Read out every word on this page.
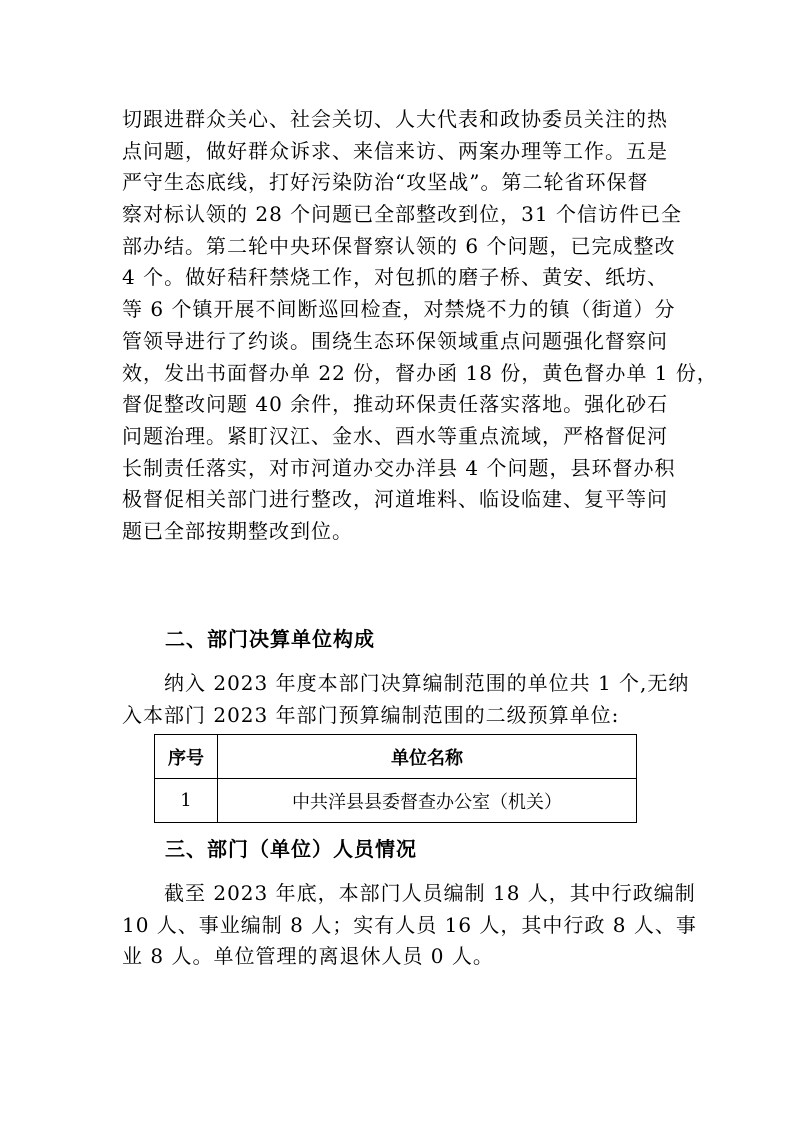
切跟进群众关心、社会关切、人大代表和政协委员关注的热
点问题，做好群众诉求、来信来访、两案办理等工作。五是
严守生态底线，打好污染防治“攻坚战”。第二轮省环保督
察对标认领的 28 个问题已全部整改到位，31 个信访件已全
部办结。第二轮中央环保督察认领的 6 个问题，已完成整改
4 个。做好秸秆禁烧工作，对包抓的磨子桥、黄安、纸坊、
等 6 个镇开展不间断巡回检查，对禁烧不力的镇（街道）分
管领导进行了约谈。围绕生态环保领域重点问题强化督察问
效，发出书面督办单 22 份，督办函 18 份，黄色督办单 1 份，
督促整改问题 40 余件，推动环保责任落实落地。强化砂石
问题治理。紧盯汉江、金水、酉水等重点流域，严格督促河
长制责任落实，对市河道办交办洋县 4 个问题，县环督办积
极督促相关部门进行整改，河道堆料、临设临建、复平等问
题已全部按期整改到位。
二、部门决算单位构成
纳入 2023 年度本部门决算编制范围的单位共 1 个,无纳
入本部门 2023 年部门预算编制范围的二级预算单位:
序号	单位名称
1	中共洋县县委督查办公室（机关）
三、部门（单位）人员情况
截至 2023 年底，本部门人员编制 18 人，其中行政编制
10 人、事业编制 8 人；实有人员 16 人，其中行政 8 人、事
业 8 人。单位管理的离退休人员 0 人。
